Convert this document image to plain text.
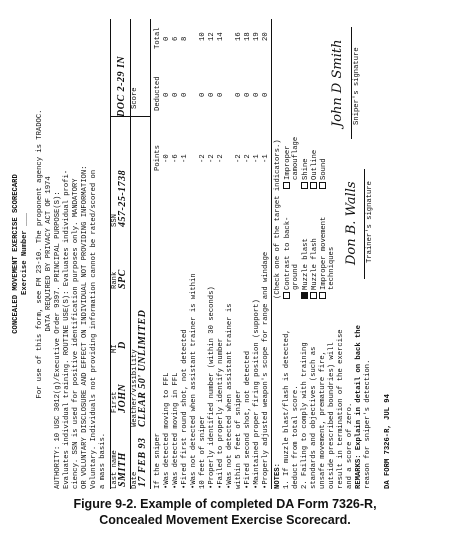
CONCEALED MOVEMENT EXERCISE SCORECARD Exercise Number ___ For use of this form, see FM 23-10. The proponent agency is TRADOC. DATA REQUIRED BY PRIVACY ACT OF 1974 AUTHORITY: 10 USC 3012(g)/Executive Order 9397. PRINCIPAL PURPOSE(S): Evaluates individual training. ROUTINE USE(S): Evaluates individual profi- ciency. SSN is used for positive identification purposes only. MANDATORY OR VOLUNTARY DISCLOSURE AND EFFECT ON INDIVIDUAL NOT PROVIDING INFORMATION: Voluntary. Individuals not providing information cannot be rated/scored on a mass basis. Last name
First
MI
Rank
SSN
SMITH
JOHN
D
SPC
457-25-1738
DOC 2-29 IN
Date
Weather/visibility
Score
17 FEB 93
CLEAR 50' UNLIMITED
If the sniper
Points
Deducted
Total
•Was detected moving to FFL
-0
0
0
•Was detected moving in FFL
-6
0
6
•Fired first round shot, not detected
-1
0
8
•Was not detected when assistant trainer is within 10 feet of sniper
-2
0
10
•Properly identified number (within 30 seconds)
-2
0
12
•Failed to properly identify number
-2
0
14
•Was not detected when assistant trainer is within 5 feet of sniper
-2
0
16
•Fired second shot, not detected
-2
0
18
•Maintained proper firing position (support)
-1
0
19
•Properly adjusted weapon's scope for range and windage
-1
0
20
NOTES:
(Check one of the target indicators.)
1. If muzzle blast/flash is detected, deduct from total score. 2. Failing to comply with training standards and objectives (such as unsafe movement, premature fire, outside prescribed boundries) will result in termination of the exercise and a score of zero.
Contrast to back- ground Muzzle blast Muzzle flash Improper movement techniques
Improper camouflage Shine Outline Sound
REMARKS: Explain in detail on back the reason for sniper's detection.
Don B. Walls Trainer's signature
John D Smith Sniper's signature
DA FORM 7326-R, JUL 94
Figure 9-2. Example of completed DA Form 7326-R,
Concealed Movement Exercise Scorecard.
